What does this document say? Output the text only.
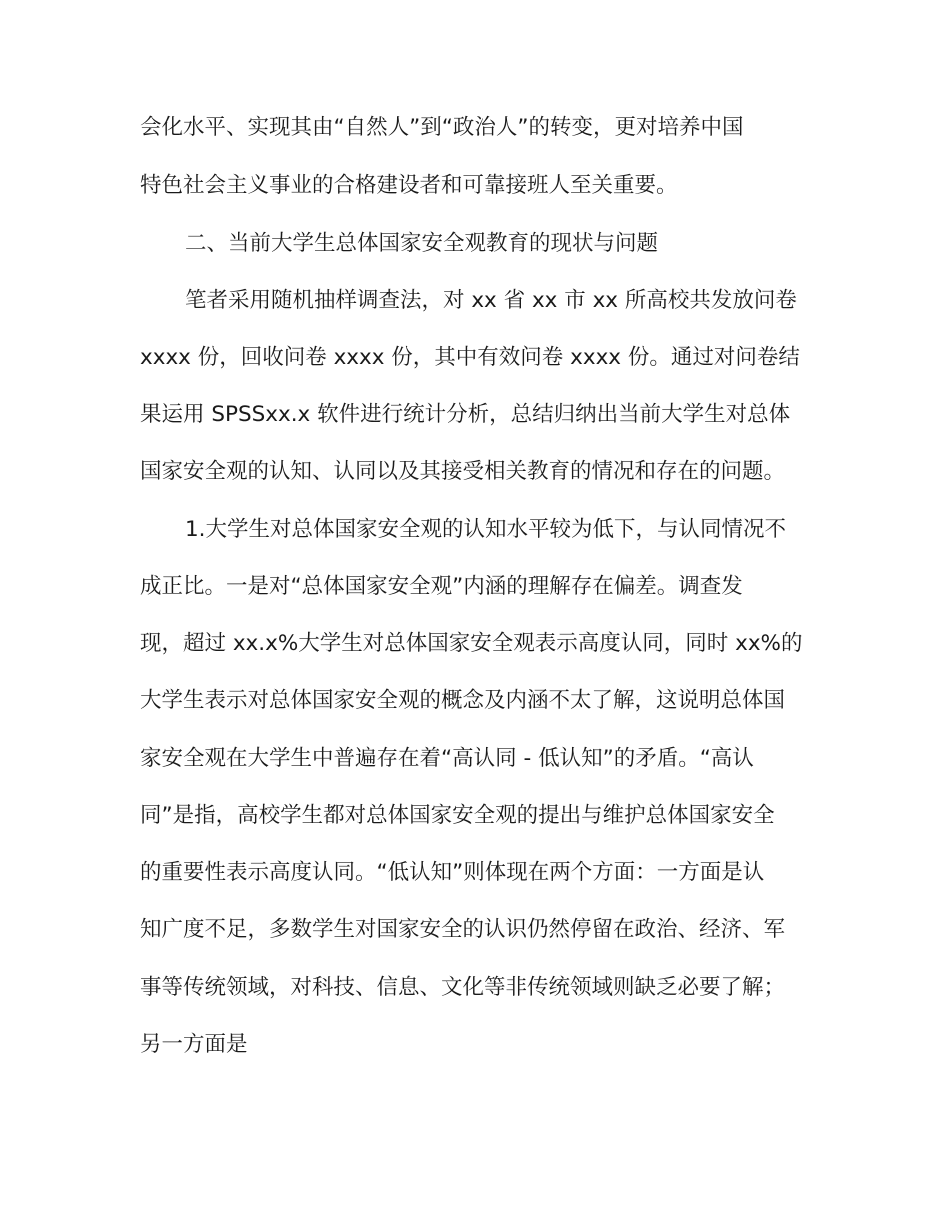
会化水平、实现其由“自然人”到“政治人”的转变，更对培养中国
特色社会主义事业的合格建设者和可靠接班人至关重要。
二、当前大学生总体国家安全观教育的现状与问题
笔者采用随机抽样调查法，对 xx 省 xx 市 xx 所高校共发放问卷
xxxx 份，回收问卷 xxxx 份，其中有效问卷 xxxx 份。通过对问卷结
果运用 SPSSxx.x 软件进行统计分析，总结归纳出当前大学生对总体
国家安全观的认知、认同以及其接受相关教育的情况和存在的问题。
1.大学生对总体国家安全观的认知水平较为低下，与认同情况不
成正比。一是对“总体国家安全观”内涵的理解存在偏差。调查发
现，超过 xx.x%大学生对总体国家安全观表示高度认同，同时 xx%的
大学生表示对总体国家安全观的概念及内涵不太了解，这说明总体国
家安全观在大学生中普遍存在着“高认同 - 低认知”的矛盾。“高认
同”是指，高校学生都对总体国家安全观的提出与维护总体国家安全
的重要性表示高度认同。“低认知”则体现在两个方面：一方面是认
知广度不足，多数学生对国家安全的认识仍然停留在政治、经济、军
事等传统领域，对科技、信息、文化等非传统领域则缺乏必要了解；
另一方面是
